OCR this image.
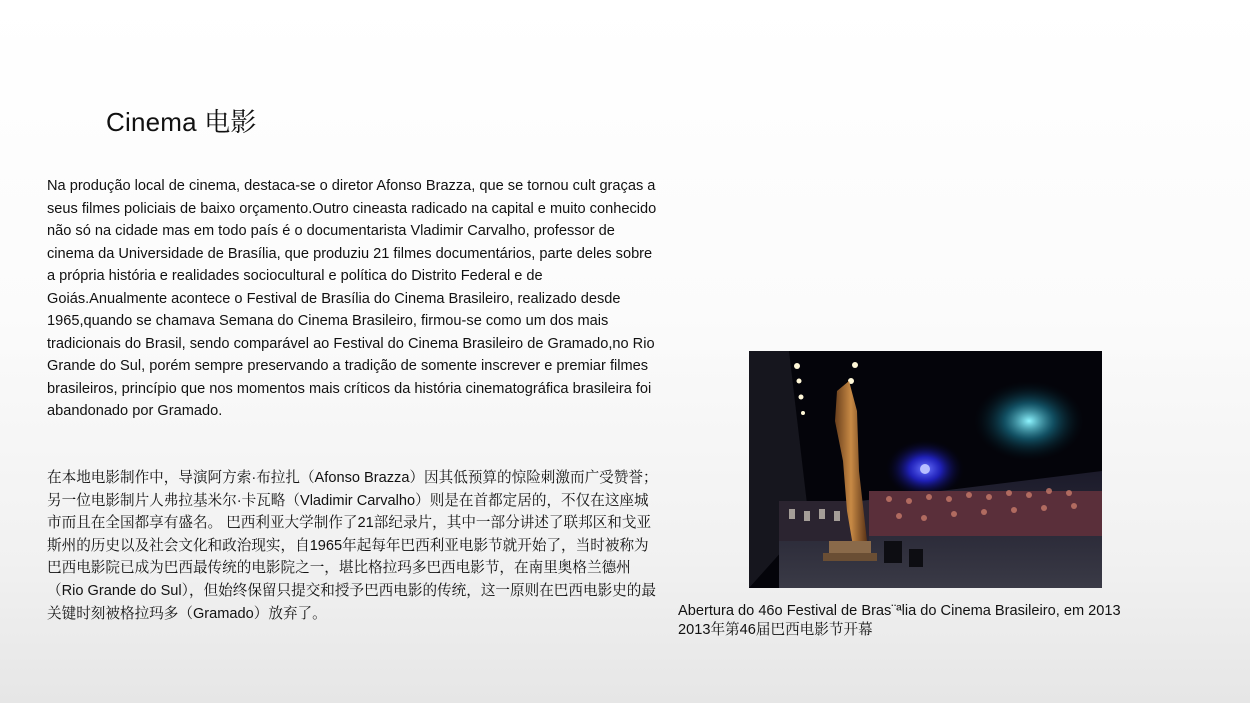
Cinema 电影
Na produção local de cinema, destaca-se o diretor Afonso Brazza, que se tornou cult graças a seus filmes policiais de baixo orçamento.Outro cineasta radicado na capital e muito conhecido não só na cidade mas em todo país é o documentarista Vladimir Carvalho, professor de cinema da Universidade de Brasília, que produziu 21 filmes documentários, parte deles sobre a própria história e realidades sociocultural e política do Distrito Federal e de Goiás.Anualmente acontece o Festival de Brasília do Cinema Brasileiro, realizado desde 1965,quando se chamava Semana do Cinema Brasileiro, firmou-se como um dos mais tradicionais do Brasil, sendo comparável ao Festival do Cinema Brasileiro de Gramado,no Rio Grande do Sul, porém sempre preservando a tradição de somente inscrever e premiar filmes brasileiros, princípio que nos momentos mais críticos da história cinematográfica brasileira foi abandonado por Gramado.
在本地电影制作中，导演阿方索·布拉扎（Afonso Brazza）因其低预算的惊险刺激而广受赞誉；另一位电影制片人弗拉基米尔·卡瓦略（Vladimir Carvalho）则是在首都定居的，不仅在这座城市而且在全国都享有盛名。 巴西利亚大学制作了21部纪录片，其中一部分讲述了联邦区和戈亚斯州的历史以及社会文化和政治现实，自1965年起每年巴西利亚电影节就开始了，当时被称为 巴西电影院已成为巴西最传统的电影院之一，堪比格拉玛多巴西电影节，在南里奥格兰德州（Rio Grande do Sul），但始终保留只提交和授予巴西电影的传统，这一原则在巴西电影史的最关键时刻被格拉玛多（Gramado）放弃了。	Abertura do 46o Festival de Bras¨ªlia do Cinema Brasileiro, em 2013
2013年第46届巴西电影节开幕
